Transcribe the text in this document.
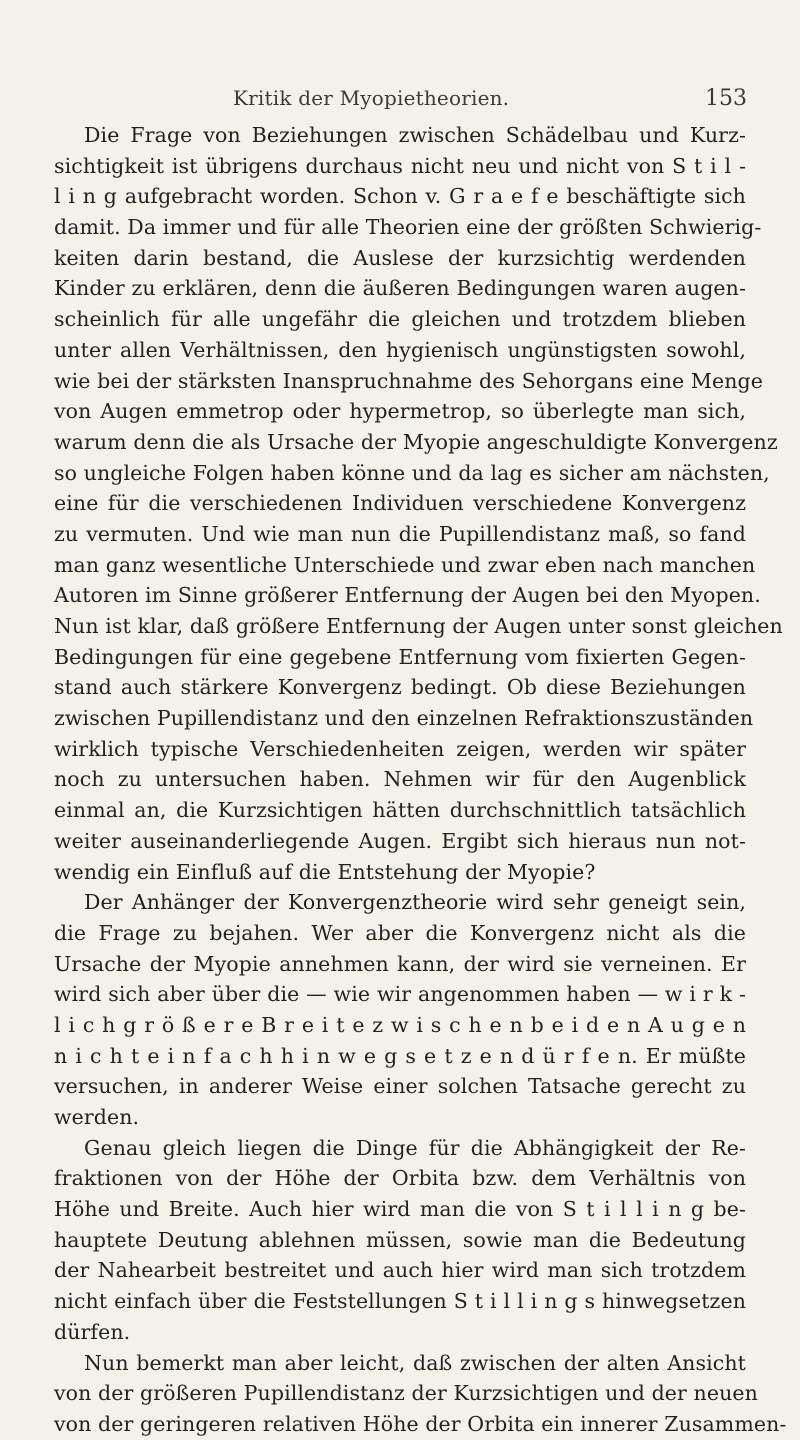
Kritik der Myopietheorien.	153
Die Frage von Beziehungen zwischen Schädelbau und Kurz-
sichtigkeit ist übrigens durchaus nicht neu und nicht von S t i l -
l i n g aufgebracht worden. Schon v. G r a e f e beschäftigte sich
damit. Da immer und für alle Theorien eine der größten Schwierig-
keiten darin bestand, die Auslese der kurzsichtig werdenden
Kinder zu erklären, denn die äußeren Bedingungen waren augen-
scheinlich für alle ungefähr die gleichen und trotzdem blieben
unter allen Verhältnissen, den hygienisch ungünstigsten sowohl,
wie bei der stärksten Inanspruchnahme des Sehorgans eine Menge
von Augen emmetrop oder hypermetrop, so überlegte man sich,
warum denn die als Ursache der Myopie angeschuldigte Konvergenz
so ungleiche Folgen haben könne und da lag es sicher am nächsten,
eine für die verschiedenen Individuen verschiedene Konvergenz
zu vermuten. Und wie man nun die Pupillendistanz maß, so fand
man ganz wesentliche Unterschiede und zwar eben nach manchen
Autoren im Sinne größerer Entfernung der Augen bei den Myopen.
Nun ist klar, daß größere Entfernung der Augen unter sonst gleichen
Bedingungen für eine gegebene Entfernung vom fixierten Gegen-
stand auch stärkere Konvergenz bedingt. Ob diese Beziehungen
zwischen Pupillendistanz und den einzelnen Refraktionszuständen
wirklich typische Verschiedenheiten zeigen, werden wir später
noch zu untersuchen haben. Nehmen wir für den Augenblick
einmal an, die Kurzsichtigen hätten durchschnittlich tatsächlich
weiter auseinanderliegende Augen. Ergibt sich hieraus nun not-
wendig ein Einfluß auf die Entstehung der Myopie?
Der Anhänger der Konvergenztheorie wird sehr geneigt sein,
die Frage zu bejahen. Wer aber die Konvergenz nicht als die
Ursache der Myopie annehmen kann, der wird sie verneinen. Er
wird sich aber über die — wie wir angenommen haben — w i r k -
l i c h g r ö ß e r e B r e i t e z w i s c h e n b e i d e n A u g e n
n i c h t e i n f a c h h i n w e g s e t z e n d ü r f e n. Er müßte
versuchen, in anderer Weise einer solchen Tatsache gerecht zu
werden.
Genau gleich liegen die Dinge für die Abhängigkeit der Re-
fraktionen von der Höhe der Orbita bzw. dem Verhältnis von
Höhe und Breite. Auch hier wird man die von S t i l l i n g be-
hauptete Deutung ablehnen müssen, sowie man die Bedeutung
der Nahearbeit bestreitet und auch hier wird man sich trotzdem
nicht einfach über die Feststellungen S t i l l i n g s hinwegsetzen
dürfen.
Nun bemerkt man aber leicht, daß zwischen der alten Ansicht
von der größeren Pupillendistanz der Kurzsichtigen und der neuen
von der geringeren relativen Höhe der Orbita ein innerer Zusammen-
